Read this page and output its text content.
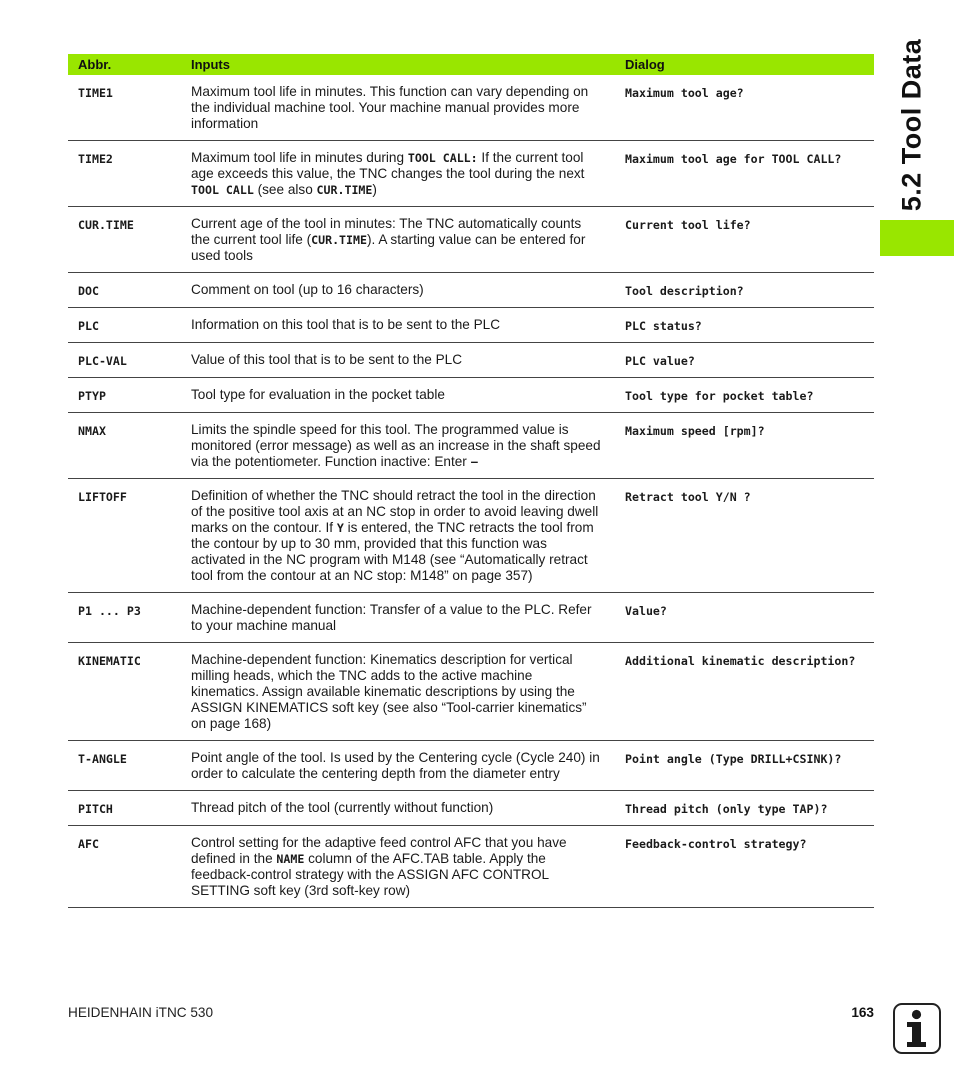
Abbr.	Inputs	Dialog
TIME1	Maximum tool life in minutes. This function can vary depending on the individual machine tool. Your machine manual provides more information	Maximum tool age?
TIME2	Maximum tool life in minutes during TOOL CALL: If the current tool age exceeds this value, the TNC changes the tool during the next TOOL CALL (see also CUR.TIME)	Maximum tool age for TOOL CALL?
CUR.TIME	Current age of the tool in minutes: The TNC automatically counts the current tool life (CUR.TIME). A starting value can be entered for used tools	Current tool life?
DOC	Comment on tool (up to 16 characters)	Tool description?
PLC	Information on this tool that is to be sent to the PLC	PLC status?
PLC-VAL	Value of this tool that is to be sent to the PLC	PLC value?
PTYP	Tool type for evaluation in the pocket table	Tool type for pocket table?
NMAX	Limits the spindle speed for this tool. The programmed value is monitored (error message) as well as an increase in the shaft speed via the potentiometer. Function inactive: Enter –	Maximum speed [rpm]?
LIFTOFF	Definition of whether the TNC should retract the tool in the direction of the positive tool axis at an NC stop in order to avoid leaving dwell marks on the contour. If Y is entered, the TNC retracts the tool from the contour by up to 30 mm, provided that this function was activated in the NC program with M148 (see “Automatically retract tool from the contour at an NC stop: M148” on page 357)	Retract tool Y/N ?
P1 ... P3	Machine-dependent function: Transfer of a value to the PLC. Refer to your machine manual	Value?
KINEMATIC	Machine-dependent function: Kinematics description for vertical milling heads, which the TNC adds to the active machine kinematics. Assign available kinematic descriptions by using the ASSIGN KINEMATICS soft key (see also “Tool-carrier kinematics” on page 168)	Additional kinematic description?
T-ANGLE	Point angle of the tool. Is used by the Centering cycle (Cycle 240) in order to calculate the centering depth from the diameter entry	Point angle (Type DRILL+CSINK)?
PITCH	Thread pitch of the tool (currently without function)	Thread pitch (only type TAP)?
AFC	Control setting for the adaptive feed control AFC that you have defined in the NAME column of the AFC.TAB table. Apply the feedback-control strategy with the ASSIGN AFC CONTROL SETTING soft key (3rd soft-key row)	Feedback-control strategy?
5.2 Tool Data
HEIDENHAIN iTNC 530	163
